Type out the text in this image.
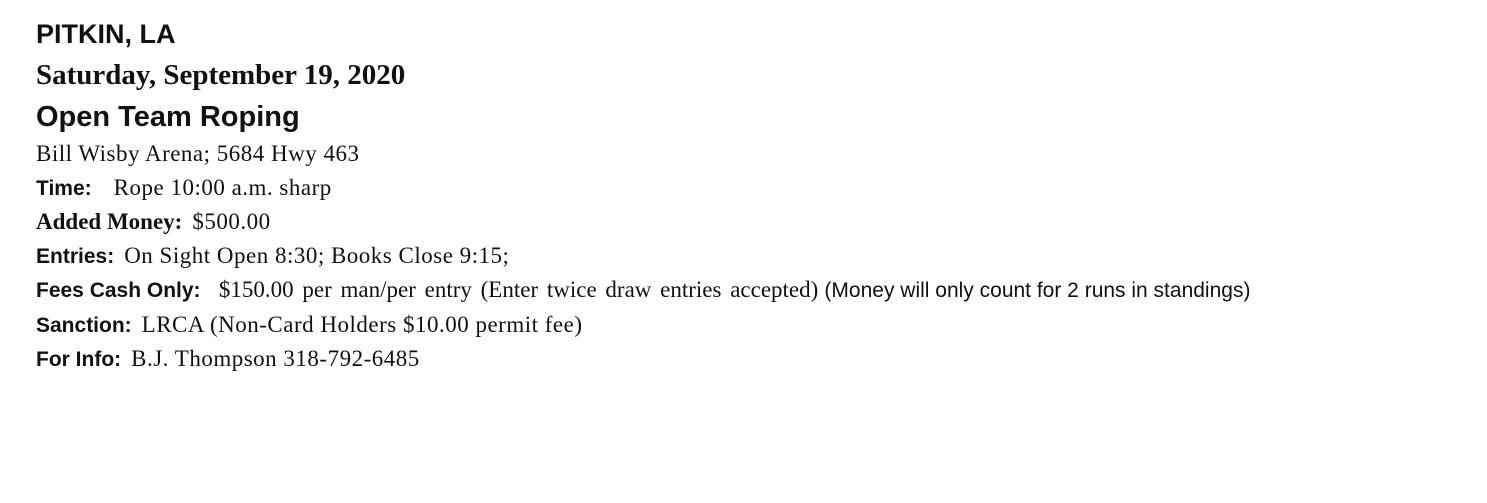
PITKIN, LA
Saturday, September 19, 2020
Open Team Roping
Bill Wisby Arena; 5684 Hwy 463
Time: Rope 10:00 a.m. sharp
Added Money: $500.00
Entries: On Sight Open 8:30; Books Close 9:15;
Fees Cash Only: $150.00 per man/per entry (Enter twice draw entries accepted) (Money will only count for 2 runs in standings)
Sanction: LRCA (Non-Card Holders $10.00 permit fee)
For Info: B.J. Thompson 318-792-6485
